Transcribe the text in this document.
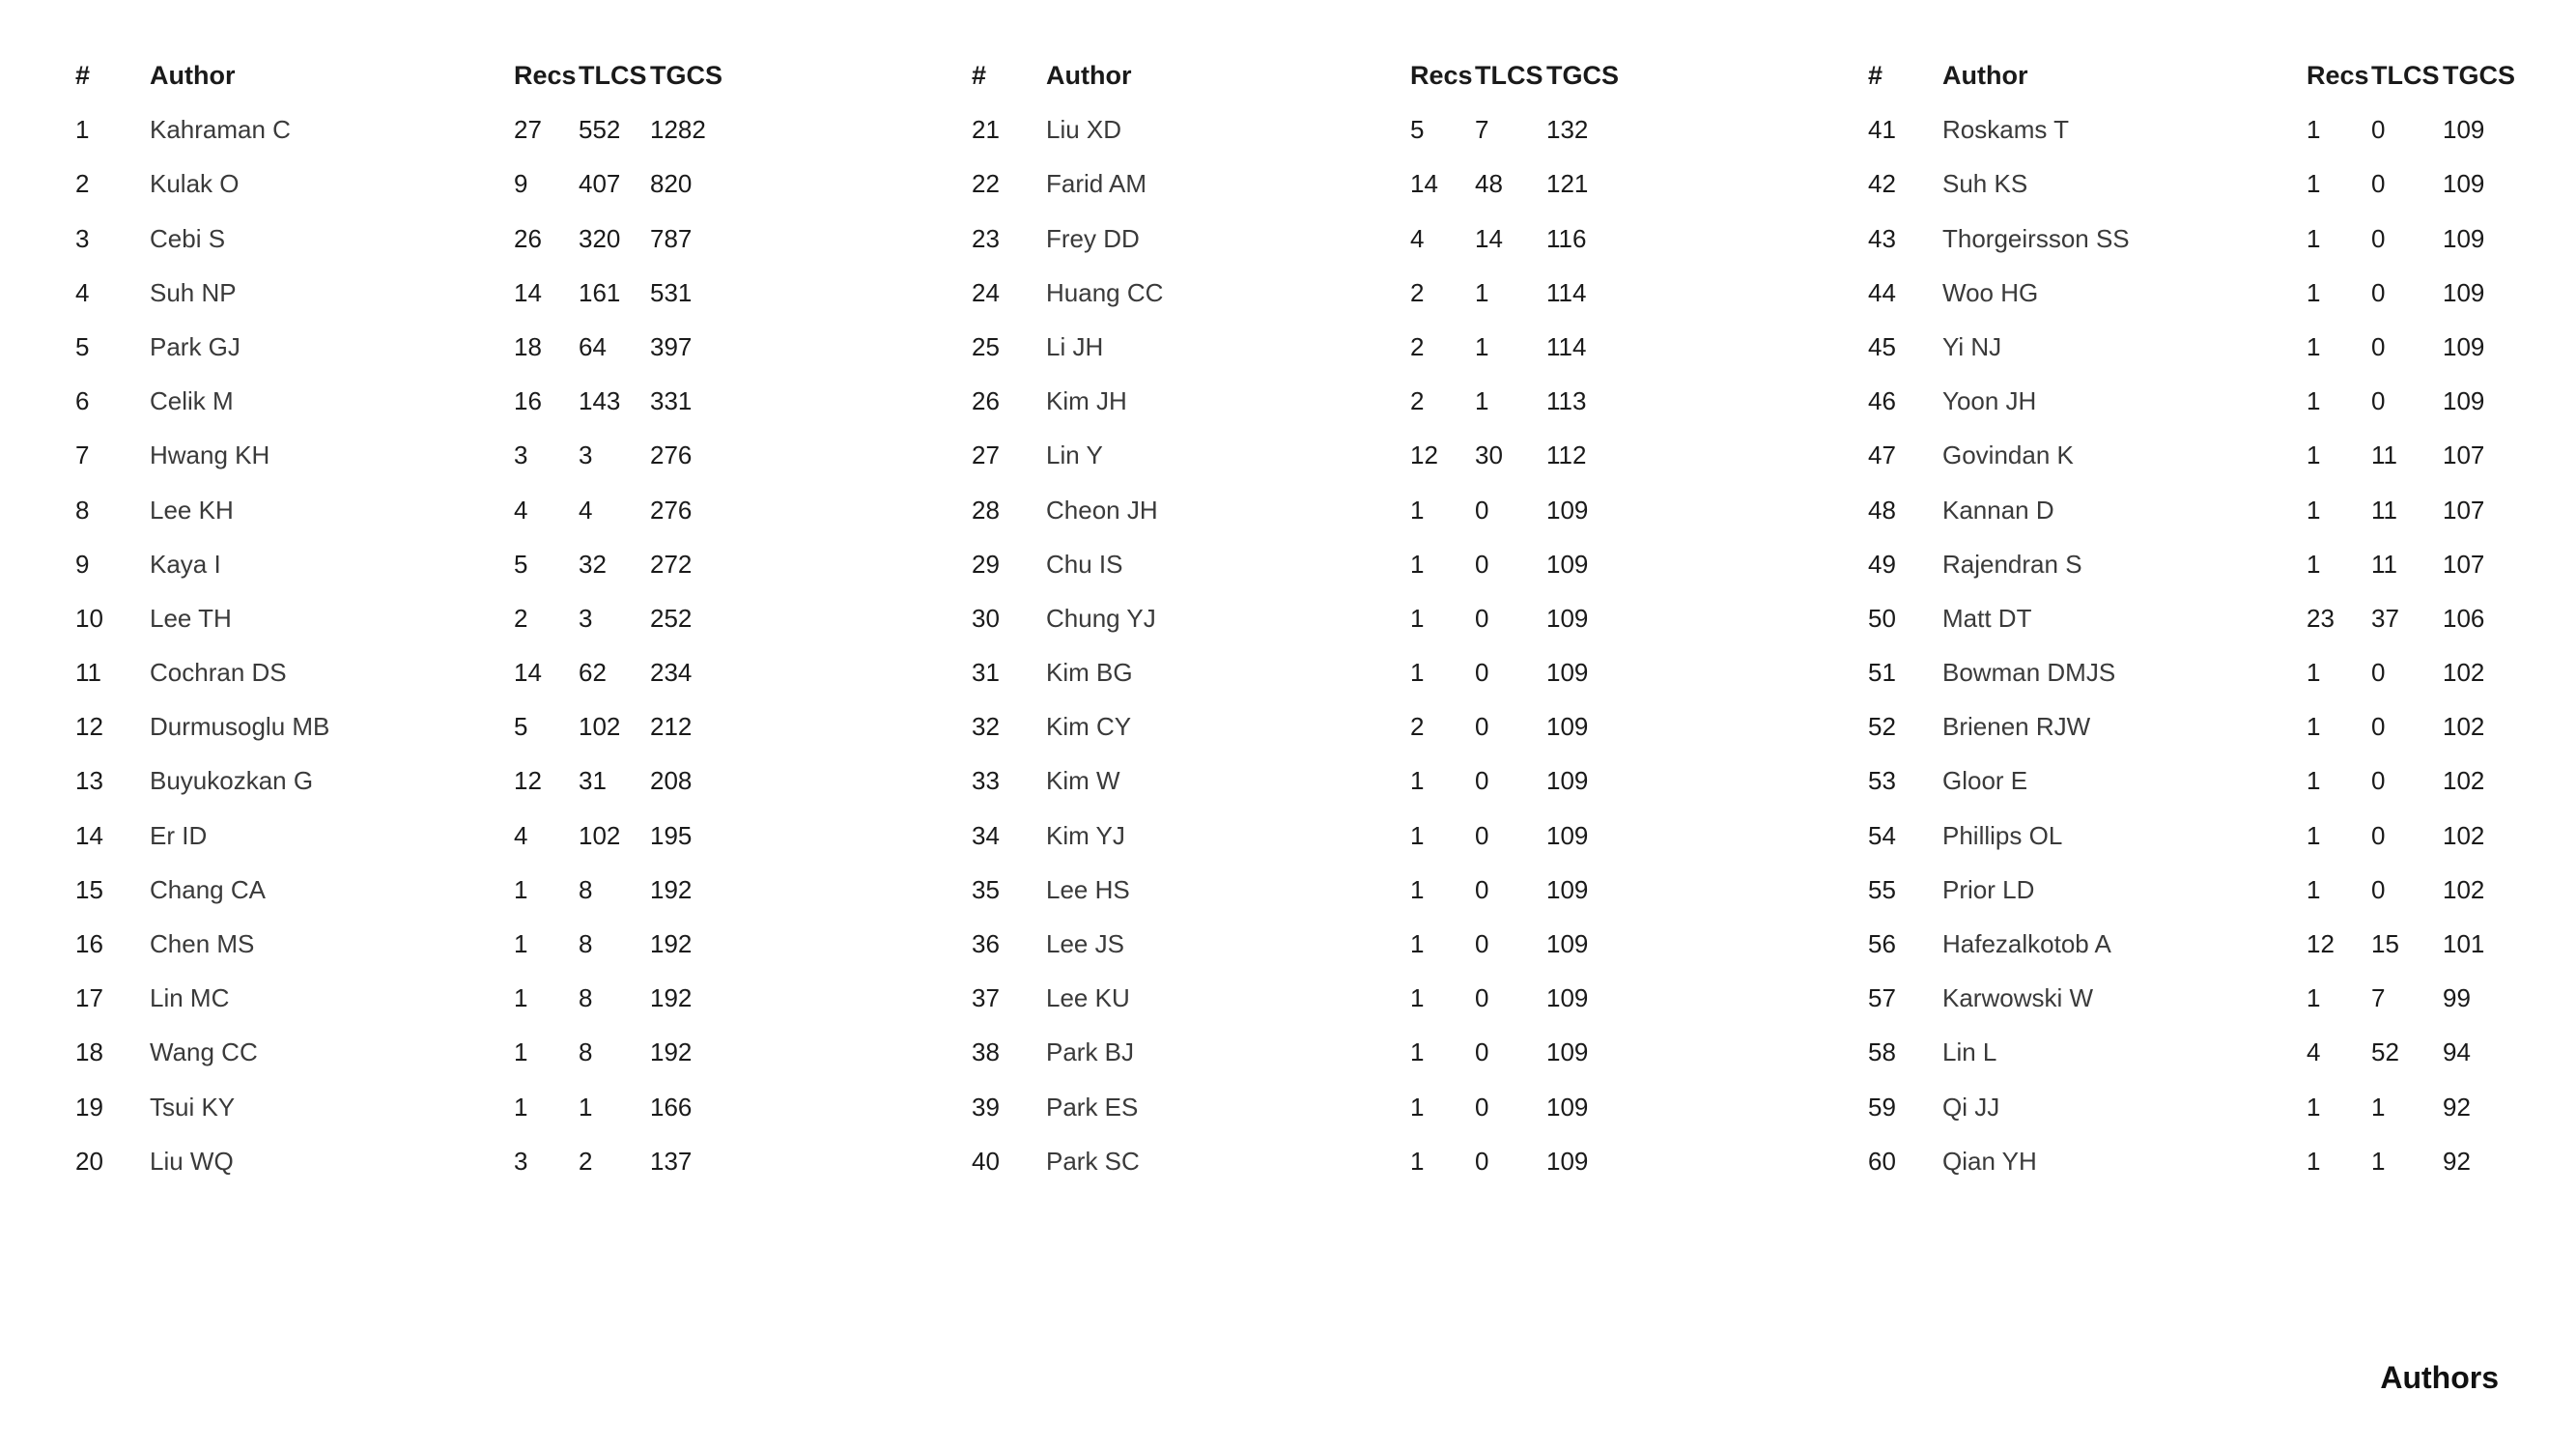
# Author	Recs TLCS TGCS
1 Kahraman C	27 552 1282
2 Kulak O	9 407 820
3 Cebi S	26 320 787
4 Suh NP	14 161 531
5 Park GJ	18 64 397
6 Celik M	16 143 331
7 Hwang KH	3 3 276
8 Lee KH	4 4 276
9 Kaya I	5 32 272
10 Lee TH	2 3 252
11 Cochran DS	14 62 234
12 Durmusoglu MB	5 102 212
13 Buyukozkan G	12 31 208
14 Er ID	4 102 195
15 Chang CA	1 8 192
16 Chen MS	1 8 192
17 Lin MC	1 8 192
18 Wang CC	1 8 192
19 Tsui KY	1 1 166
20 Liu WQ	3 2 137
# Author	Recs TLCS TGCS
21 Liu XD	5 7 132
22 Farid AM	14 48 121
23 Frey DD	4 14 116
24 Huang CC	2 1 114
25 Li JH	2 1 114
26 Kim JH	2 1 113
27 Lin Y	12 30 112
28 Cheon JH	1 0 109
29 Chu IS	1 0 109
30 Chung YJ	1 0 109
31 Kim BG	1 0 109
32 Kim CY	2 0 109
33 Kim W	1 0 109
34 Kim YJ	1 0 109
35 Lee HS	1 0 109
36 Lee JS	1 0 109
37 Lee KU	1 0 109
38 Park BJ	1 0 109
39 Park ES	1 0 109
40 Park SC	1 0 109
# Author	Recs TLCS TGCS
41 Roskams T	1 0 109
42 Suh KS	1 0 109
43 Thorgeirsson SS	1 0 109
44 Woo HG	1 0 109
45 Yi NJ	1 0 109
46 Yoon JH	1 0 109
47 Govindan K	1 11 107
48 Kannan D	1 11 107
49 Rajendran S	1 11 107
50 Matt DT	23 37 106
51 Bowman DMJS	1 0 102
52 Brienen RJW	1 0 102
53 Gloor E	1 0 102
54 Phillips OL	1 0 102
55 Prior LD	1 0 102
56 Hafezalkotob A	12 15 101
57 Karwowski W	1 7 99
58 Lin L	4 52 94
59 Qi JJ	1 1 92
60 Qian YH	1 1 92
Authors
